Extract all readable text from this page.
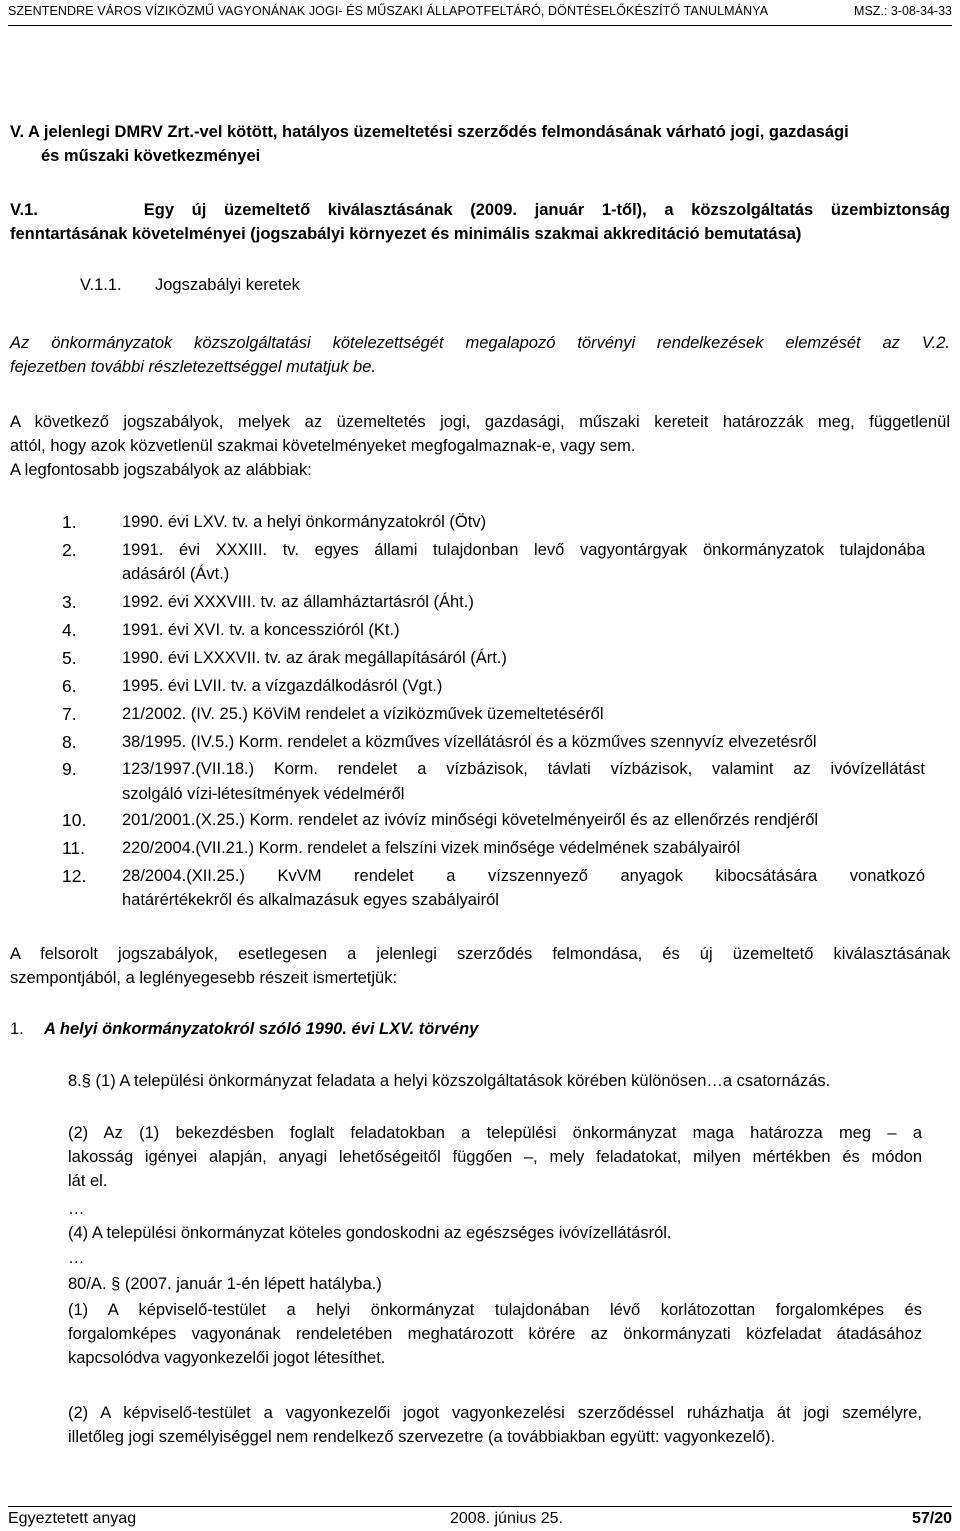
SZENTENDRE VÁROS VÍZIKÖZMŰ VAGYONÁNAK JOGI- ÉS MŰSZAKI ÁLLAPOTFELTÁRÓ, DÖNTÉSELŐKÉSZÍTŐ TANULMÁNYA	MSZ.: 3-08-34-33
V. A jelenlegi DMRV Zrt.-vel kötött, hatályos üzemeltetési szerződés felmondásának várható jogi, gazdasági
és műszaki következményei
V.1.      Egy új üzemeltető kiválasztásának (2009. január 1-től), a közszolgáltatás üzembiztonság
fenntartásának követelményei (jogszabályi környezet és minimális szakmai akkreditáció bemutatása)
V.1.1. Jogszabályi keretek
Az önkormányzatok közszolgáltatási kötelezettségét megalapozó törvényi rendelkezések elemzését az V.2.
fejezetben további részletezettséggel mutatjuk be.
A következő jogszabályok, melyek az üzemeltetés jogi, gazdasági, műszaki kereteit határozzák meg, függetlenül
attól, hogy azok közvetlenül szakmai követelményeket megfogalmaznak-e, vagy sem.
A legfontosabb jogszabályok az alábbiak:
1.	1990. évi LXV. tv. a helyi önkormányzatokról (Ötv)
2.	1991. évi XXXIII. tv. egyes állami tulajdonban levő vagyontárgyak önkormányzatok tulajdonába
adásáról (Ávt.)
3.	1992. évi XXXVIII. tv. az államháztartásról (Áht.)
4.	1991. évi XVI. tv. a koncesszióról (Kt.)
5.	1990. évi LXXXVII. tv. az árak megállapításáról (Árt.)
6.	1995. évi LVII. tv. a vízgazdálkodásról (Vgt.)
7.	21/2002. (IV. 25.) KöViM rendelet a víziközművek üzemeltetéséről
8.	38/1995. (IV.5.) Korm. rendelet a közműves vízellátásról és a közműves szennyvíz elvezetésről
9.	123/1997.(VII.18.) Korm. rendelet a vízbázisok, távlati vízbázisok, valamint az ivóvízellátást
szolgáló vízi-létesítmények védelméről
10. 201/2001.(X.25.) Korm. rendelet az ivóvíz minőségi követelményeiről és az ellenőrzés rendjéről
11. 220/2004.(VII.21.) Korm. rendelet a felszíni vizek minősége védelmének szabályairól
12. 28/2004.(XII.25.) KvVM rendelet a vízszennyező anyagok kibocsátására vonatkozó
határértékekről és alkalmazásuk egyes szabályairól
A felsorolt jogszabályok, esetlegesen a jelenlegi szerződés felmondása, és új üzemeltető kiválasztásának
szempontjából, a leglényegesebb részeit ismertetjük:
1. A helyi önkormányzatokról szóló 1990. évi LXV. törvény
8.§ (1) A települési önkormányzat feladata a helyi közszolgáltatások körében különösen…a csatornázás.
(2) Az (1) bekezdésben foglalt feladatokban a települési önkormányzat maga határozza meg – a
lakosság igényei alapján, anyagi lehetőségeitől függően –, mely feladatokat, milyen mértékben és módon
lát el.
…
(4) A települési önkormányzat köteles gondoskodni az egészséges ivóvízellátásról.
…
80/A. § (2007. január 1-én lépett hatályba.)
(1) A képviselő-testület a helyi önkormányzat tulajdonában lévő korlátozottan forgalomképes és
forgalomképes vagyonának rendeletében meghatározott körére az önkormányzati közfeladat átadásához
kapcsolódva vagyonkezelői jogot létesíthet.
(2) A képviselő-testület a vagyonkezelői jogot vagyonkezelési szerződéssel ruházhatja át jogi személyre,
illetőleg jogi személyiséggel nem rendelkező szervezetre (a továbbiakban együtt: vagyonkezelő).
Egyeztetett anyag	2008. június 25.	57/20
